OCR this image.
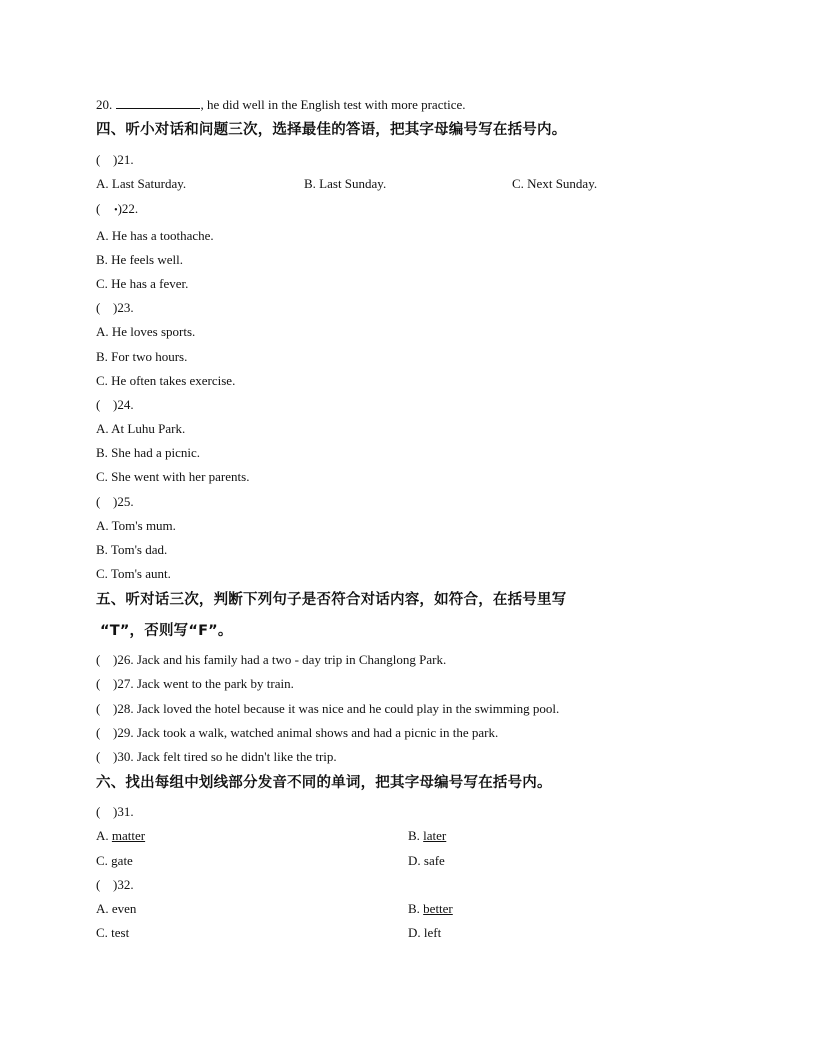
20.	, he did well in the English test with more practice.
四、听小对话和问题三次，选择最佳的答语，把其字母编号写在括号内。
( )21.
A. Last Saturday.	B. Last Sunday.	C. Next Sunday.
( •)22.
A. He has a toothache.
B. He feels well.
C. He has a fever.
( )23.
A. He loves sports.
B. For two hours.
C. He often takes exercise.
( )24.
A. At Luhu Park.
B. She had a picnic.
C. She went with her parents.
( )25.
A. Tom's mum.
B. Tom's dad.
C. Tom's aunt.
五、听对话三次，判断下列句子是否符合对话内容，如符合，在括号里写
“T”，否则写“F”。
( )26. Jack and his family had a two - day trip in Changlong Park.
( )27. Jack went to the park by train.
( )28. Jack loved the hotel because it was nice and he could play in the swimming pool.
( )29. Jack took a walk, watched animal shows and had a picnic in the park.
( )30. Jack felt tired so he didn't like the trip.
六、找出每组中划线部分发音不同的单词，把其字母编号写在括号内。
( )31.
A. matter	B. later
C. gate	D. safe
( )32.
A. even	B. better
C. test	D. left
